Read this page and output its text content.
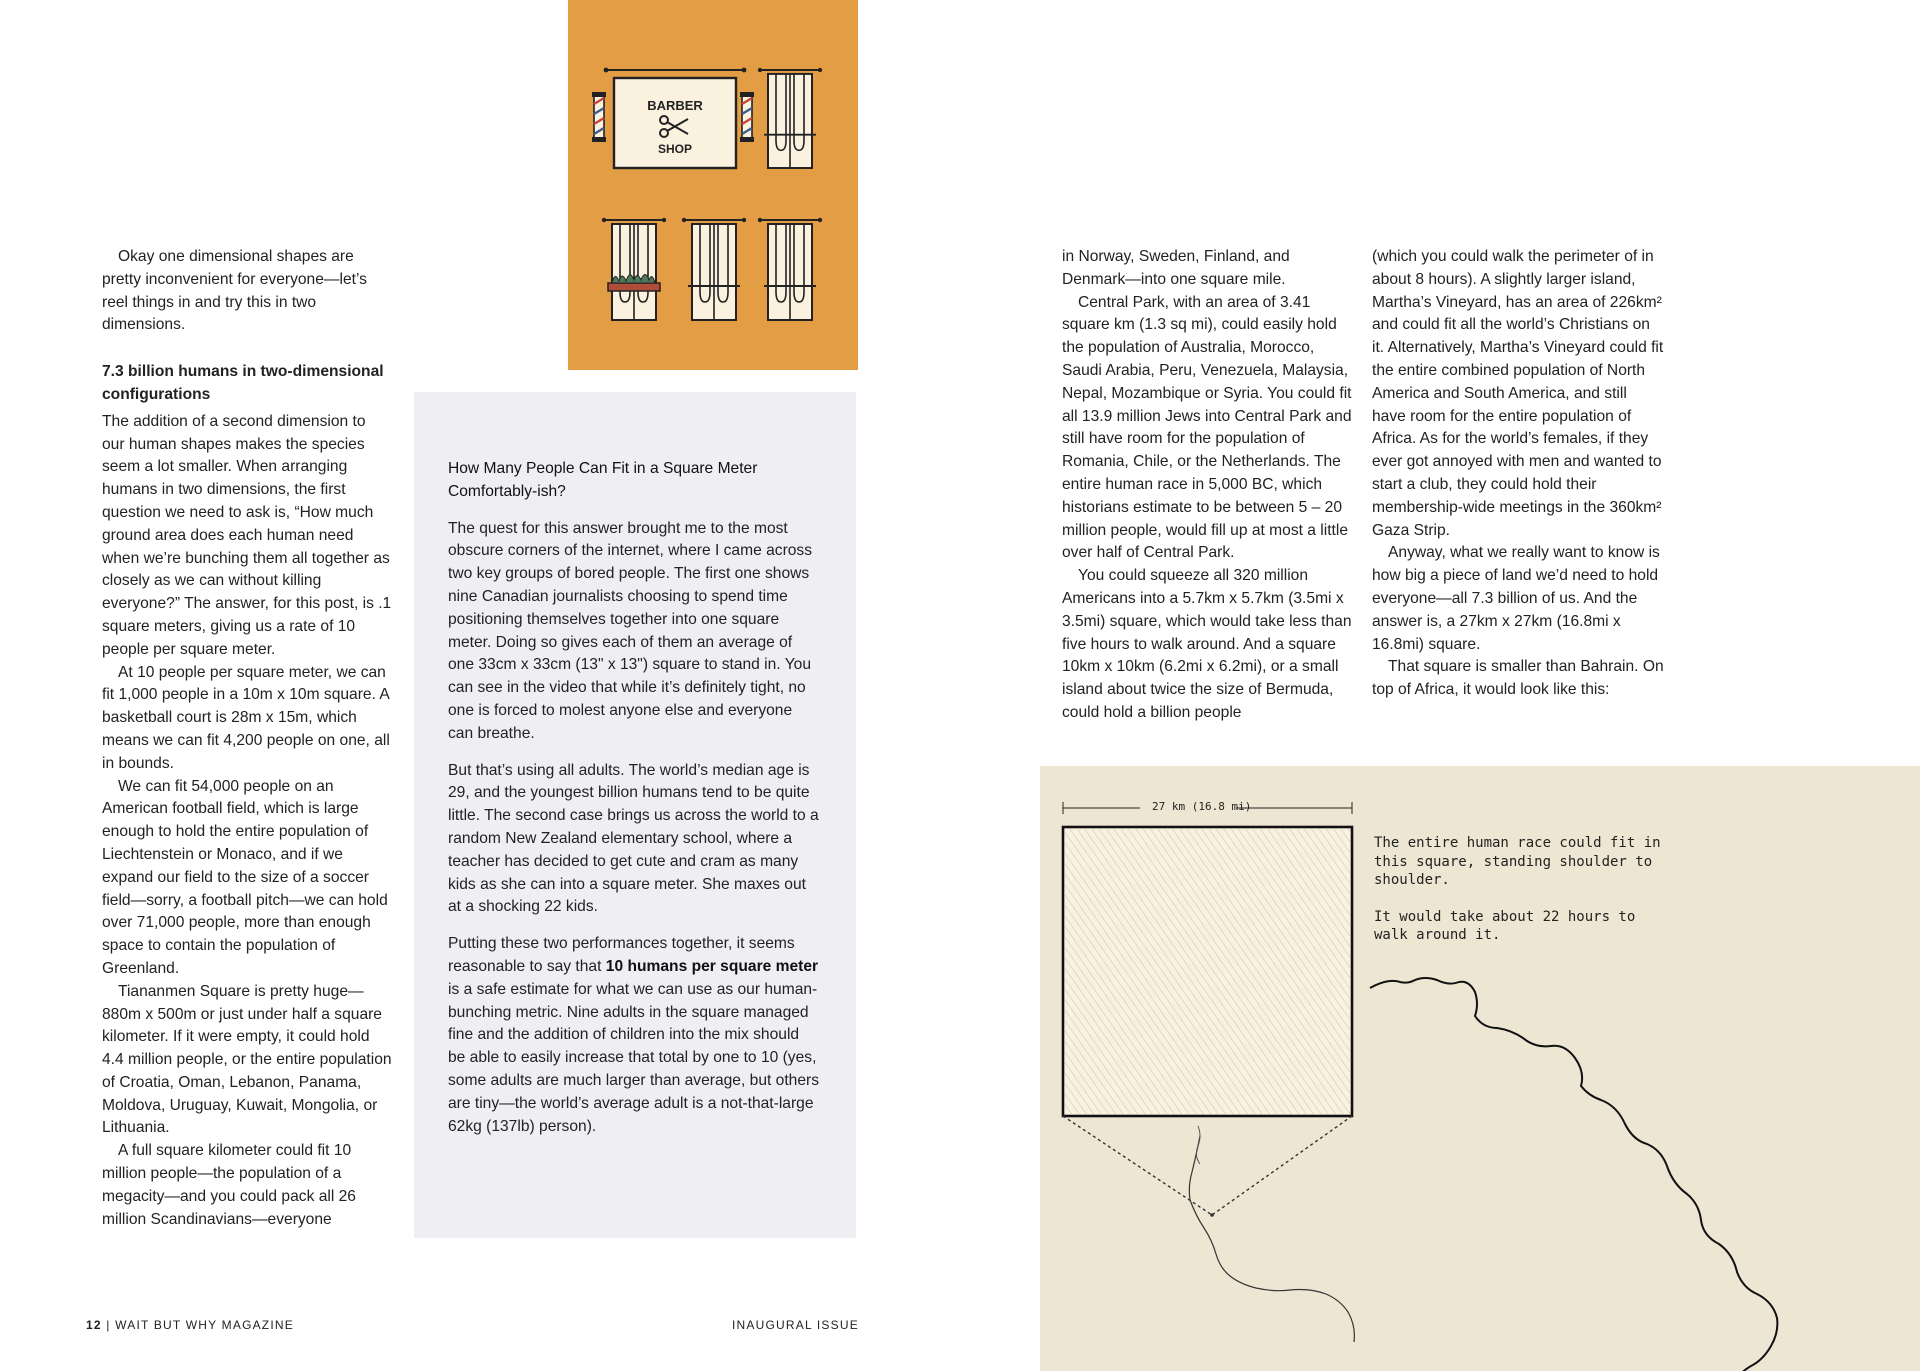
Okay one dimensional shapes are pretty inconvenient for everyone—let’s reel things in and try this in two dimensions.

7.3 billion humans in two-dimensional configurations

The addition of a second dimension to our human shapes makes the species seem a lot smaller. When arranging humans in two dimensions, the first question we need to ask is, “How much ground area does each human need when we’re bunching them all together as closely as we can without killing everyone?” The answer, for this post, is .1 square meters, giving us a rate of 10 people per square meter.

At 10 people per square meter, we can fit 1,000 people in a 10m x 10m square. A basketball court is 28m x 15m, which means we can fit 4,200 people on one, all in bounds.

We can fit 54,000 people on an American football field, which is large enough to hold the entire population of Liechtenstein or Monaco, and if we expand our field to the size of a soccer field—sorry, a football pitch—we can hold over 71,000 people, more than enough space to contain the population of Greenland.

Tiananmen Square is pretty huge—880m x 500m or just under half a square kilometer. If it were empty, it could hold 4.4 million people, or the entire population of Croatia, Oman, Lebanon, Panama, Moldova, Uruguay, Kuwait, Mongolia, or Lithuania.

A full square kilometer could fit 10 million people—the population of a megacity—and you could pack all 26 million Scandinavians—everyone

BARBER
SHOP
How Many People Can Fit in a Square Meter Comfortably-ish?

The quest for this answer brought me to the most obscure corners of the internet, where I came across two key groups of bored people. The first one shows nine Canadian journalists choosing to spend time positioning themselves together into one square meter. Doing so gives each of them an average of one 33cm x 33cm (13" x 13") square to stand in. You can see in the video that while it’s definitely tight, no one is forced to molest anyone else and everyone can breathe.

But that’s using all adults. The world’s median age is 29, and the youngest billion humans tend to be quite little. The second case brings us across the world to a random New Zealand elementary school, where a teacher has decided to get cute and cram as many kids as she can into a square meter. She maxes out at a shocking 22 kids.

Putting these two performances together, it seems reasonable to say that 10 humans per square meter is a safe estimate for what we can use as our human-bunching metric. Nine adults in the square managed fine and the addition of children into the mix should be able to easily increase that total by one to 10 (yes, some adults are much larger than average, but others are tiny—the world’s average adult is a not-that-large 62kg (137lb) person).

in Norway, Sweden, Finland, and Denmark—into one square mile.

Central Park, with an area of 3.41 square km (1.3 sq mi), could easily hold the population of Australia, Morocco, Saudi Arabia, Peru, Venezuela, Malaysia, Nepal, Mozambique or Syria. You could fit all 13.9 million Jews into Central Park and still have room for the population of Romania, Chile, or the Netherlands. The entire human race in 5,000 BC, which historians estimate to be between 5 – 20 million people, would fill up at most a little over half of Central Park.

You could squeeze all 320 million Americans into a 5.7km x 5.7km (3.5mi x 3.5mi) square, which would take less than five hours to walk around. And a square 10km x 10km (6.2mi x 6.2mi), or a small island about twice the size of Bermuda, could hold a billion people

(which you could walk the perimeter of in about 8 hours). A slightly larger island, Martha’s Vineyard, has an area of 226km² and could fit all the world’s Christians on it. Alternatively, Martha’s Vineyard could fit the entire combined population of North America and South America, and still have room for the entire population of Africa. As for the world’s females, if they ever got annoyed with men and wanted to start a club, they could hold their membership-wide meetings in the 360km² Gaza Strip.

Anyway, what we really want to know is how big a piece of land we’d need to hold everyone—all 7.3 billion of us. And the answer is, a 27km x 27km (16.8mi x 16.8mi) square.

That square is smaller than Bahrain. On top of Africa, it would look like this:

27 km (16.8 mi)

The entire human race could fit in this square, standing shoulder to shoulder.

It would take about 22 hours to walk around it.

12 | WAIT BUT WHY MAGAZINE	INAUGURAL ISSUE
